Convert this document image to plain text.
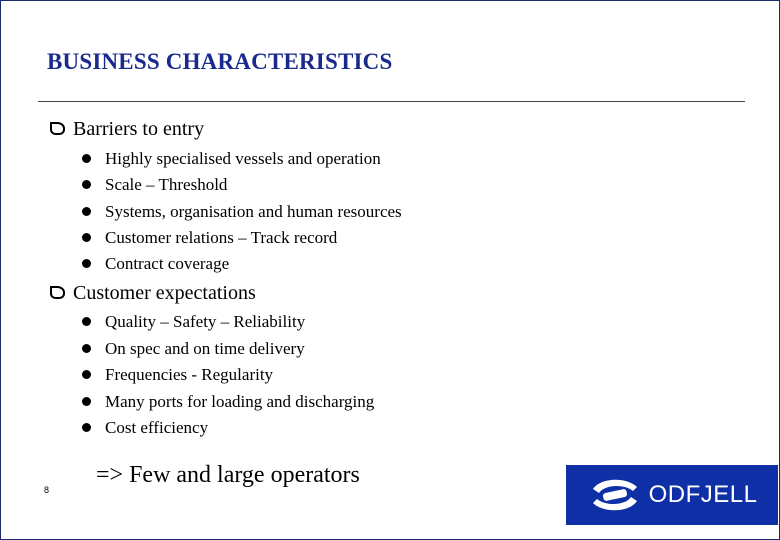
BUSINESS CHARACTERISTICS
Barriers to entry
Highly specialised vessels and operation
Scale – Threshold
Systems, organisation and human resources
Customer relations – Track record
Contract coverage
Customer expectations
Quality – Safety – Reliability
On spec and on time delivery
Frequencies - Regularity
Many ports for loading and discharging
Cost efficiency
=> Few and large operators
8	ODFJELL
